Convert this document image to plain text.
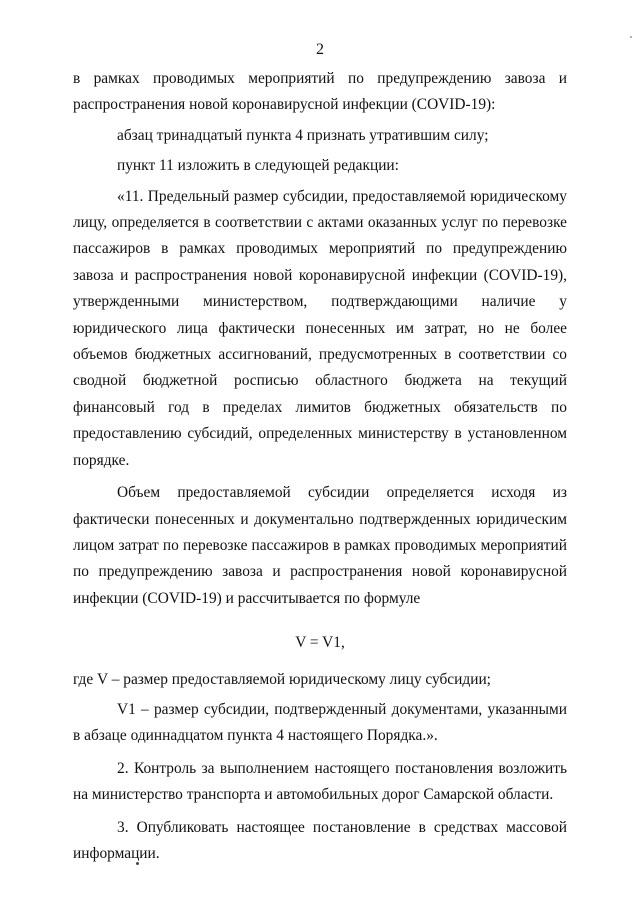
2

в рамках проводимых мероприятий по предупреждению завоза и распространения новой коронавирусной инфекции (COVID-19):

абзац тринадцатый пункта 4 признать утратившим силу;

пункт 11 изложить в следующей редакции:

«11. Предельный размер субсидии, предоставляемой юридическому лицу, определяется в соответствии с актами оказанных услуг по перевозке пассажиров в рамках проводимых мероприятий по предупреждению завоза и распространения новой коронавирусной инфекции (COVID-19), утвержденными министерством, подтверждающими наличие у юридического лица фактически понесенных им затрат, но не более объемов бюджетных ассигнований, предусмотренных в соответствии со сводной бюджетной росписью областного бюджета на текущий финансовый год в пределах лимитов бюджетных обязательств по предоставлению субсидий, определенных министерству в установленном порядке.

Объем предоставляемой субсидии определяется исходя из фактически понесенных и документально подтвержденных юридическим лицом затрат по перевозке пассажиров в рамках проводимых мероприятий по предупреждению завоза и распространения новой коронавирусной инфекции (COVID-19) и рассчитывается по формуле

V = V1,

где V – размер предоставляемой юридическому лицу субсидии;

V1 – размер субсидии, подтвержденный документами, указанными в абзаце одиннадцатом пункта 4 настоящего Порядка.».

2. Контроль за выполнением настоящего постановления возложить на министерство транспорта и автомобильных дорог Самарской области.

3. Опубликовать настоящее постановление в средствах массовой информации.
